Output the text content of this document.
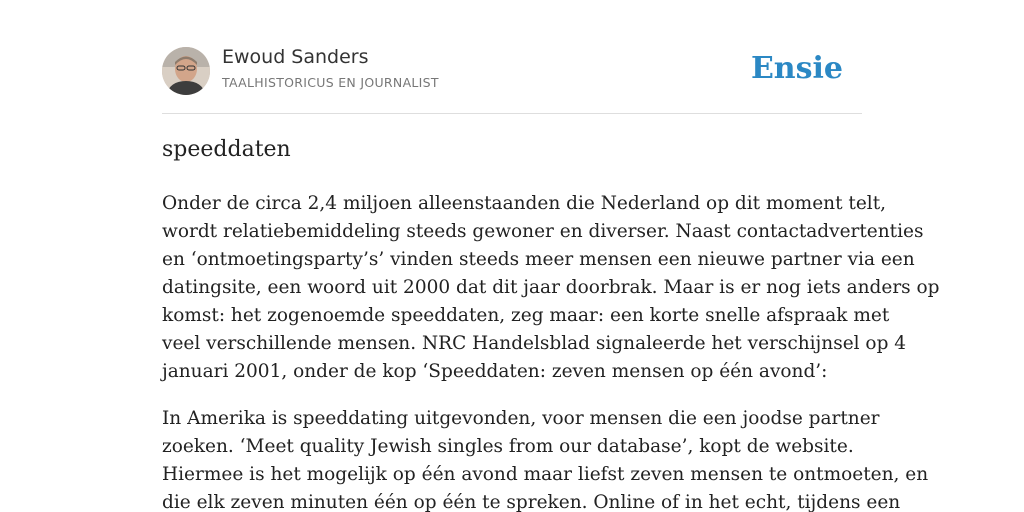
Ewoud Sanders
TAALHISTORICUS EN JOURNALIST	Ensie
speeddaten

Onder de circa 2,4 miljoen alleenstaanden die Nederland op dit moment telt,
wordt relatiebemiddeling steeds gewoner en diverser. Naast contactadvertenties
en ‘ontmoetingsparty’s’ vinden steeds meer mensen een nieuwe partner via een
datingsite, een woord uit 2000 dat dit jaar doorbrak. Maar is er nog iets anders op
komst: het zogenoemde speeddaten, zeg maar: een korte snelle afspraak met
veel verschillende mensen. NRC Handelsblad signaleerde het verschijnsel op 4
januari 2001, onder de kop ‘Speeddaten: zeven mensen op één avond’:

In Amerika is speeddating uitgevonden, voor mensen die een joodse partner
zoeken. ‘Meet quality Jewish singles from our database’, kopt de website.
Hiermee is het mogelijk op één avond maar liefst zeven mensen te ontmoeten, en
die elk zeven minuten één op één te spreken. Online of in het echt, tijdens een
